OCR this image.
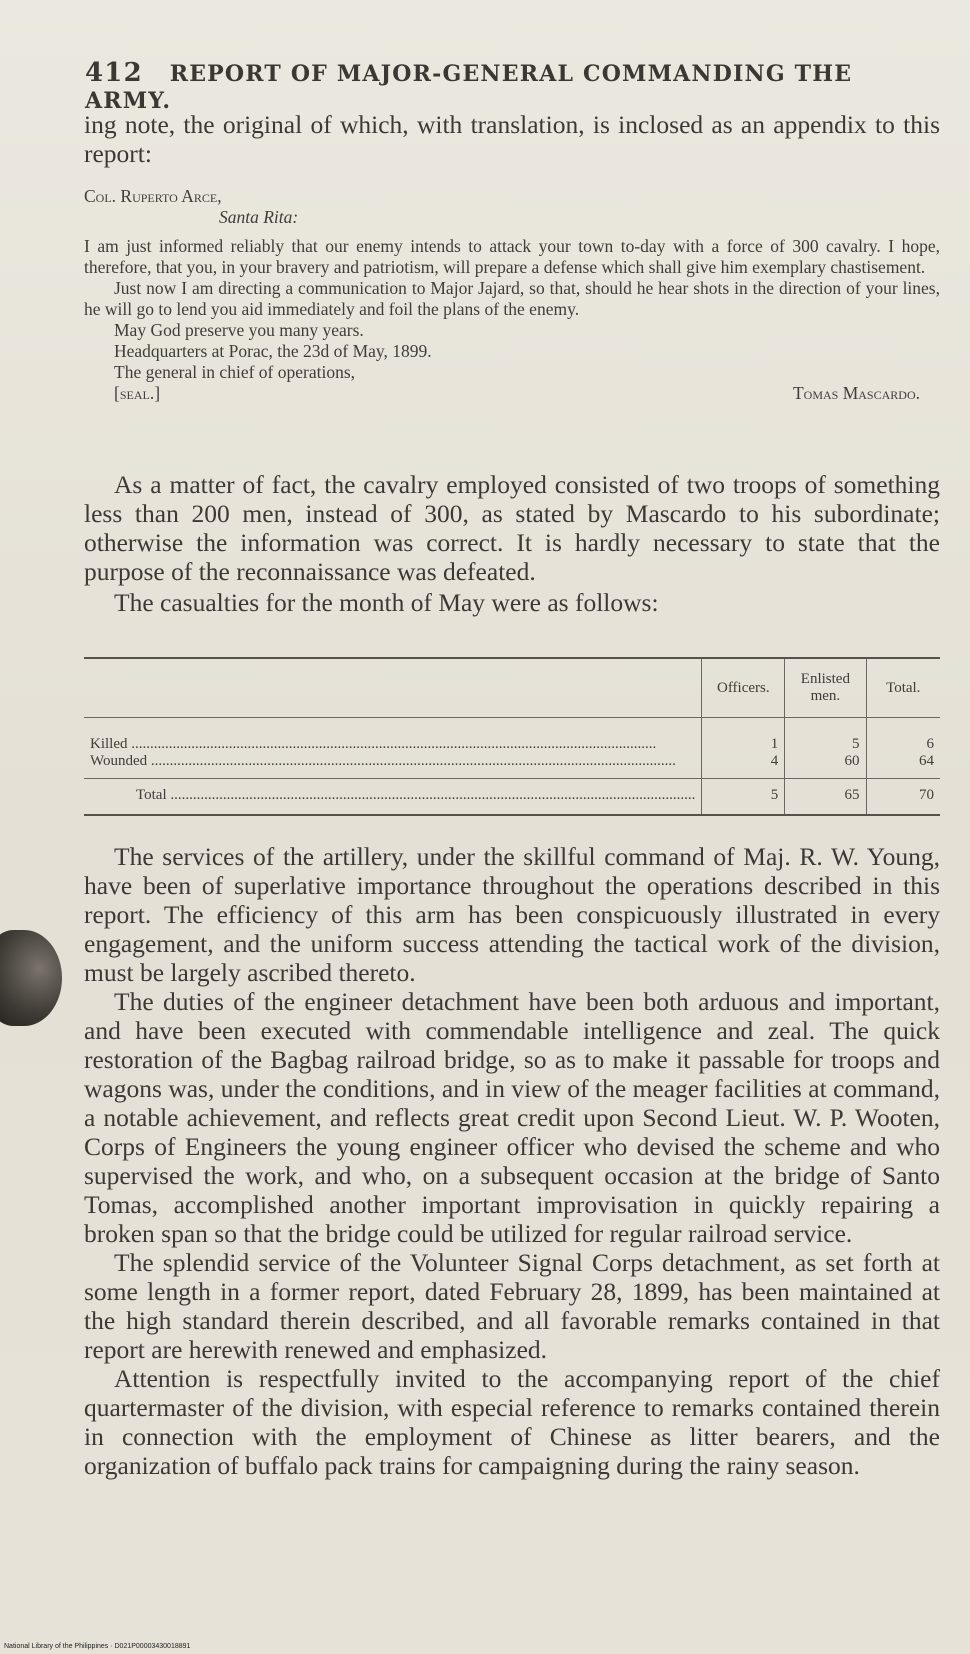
412 REPORT OF MAJOR-GENERAL COMMANDING THE ARMY.

ing note, the original of which, with translation, is inclosed as an appendix to this report:

Col. Ruperto Arce,
Santa Rita:

I am just informed reliably that our enemy intends to attack your town to-day with a force of 300 cavalry. I hope, therefore, that you, in your bravery and patriotism, will prepare a defense which shall give him exemplary chastisement.

Just now I am directing a communication to Major Jajard, so that, should he hear shots in the direction of your lines, he will go to lend you aid immediately and foil the plans of the enemy.

May God preserve you many years.

Headquarters at Porac, the 23d of May, 1899.

The general in chief of operations,

[seal.]	Tomas Mascardo.

As a matter of fact, the cavalry employed consisted of two troops of something less than 200 men, instead of 300, as stated by Mascardo to his subordinate; otherwise the information was correct. It is hardly necessary to state that the purpose of the reconnaissance was defeated.

The casualties for the month of May were as follows:

	Officers.	Enlisted men.	Total.

Killed .....	1	5	6

Wounded .....	4	60	64

Total .....	5	65	70

The services of the artillery, under the skillful command of Maj. R. W. Young, have been of superlative importance throughout the operations described in this report. The efficiency of this arm has been conspicuously illustrated in every engagement, and the uniform success attending the tactical work of the division, must be largely ascribed thereto.

The duties of the engineer detachment have been both arduous and important, and have been executed with commendable intelligence and zeal. The quick restoration of the Bagbag railroad bridge, so as to make it passable for troops and wagons was, under the conditions, and in view of the meager facilities at command, a notable achievement, and reflects great credit upon Second Lieut. W. P. Wooten, Corps of Engineers the young engineer officer who devised the scheme and who supervised the work, and who, on a subsequent occasion at the bridge of Santo Tomas, accomplished another important improvisation in quickly repairing a broken span so that the bridge could be utilized for regular railroad service.

The splendid service of the Volunteer Signal Corps detachment, as set forth at some length in a former report, dated February 28, 1899, has been maintained at the high standard therein described, and all favorable remarks contained in that report are herewith renewed and emphasized.

Attention is respectfully invited to the accompanying report of the chief quartermaster of the division, with especial reference to remarks contained therein in connection with the employment of Chinese as litter bearers, and the organization of buffalo pack trains for campaigning during the rainy season.

National Library of the Philippines · D021P00003430018891
